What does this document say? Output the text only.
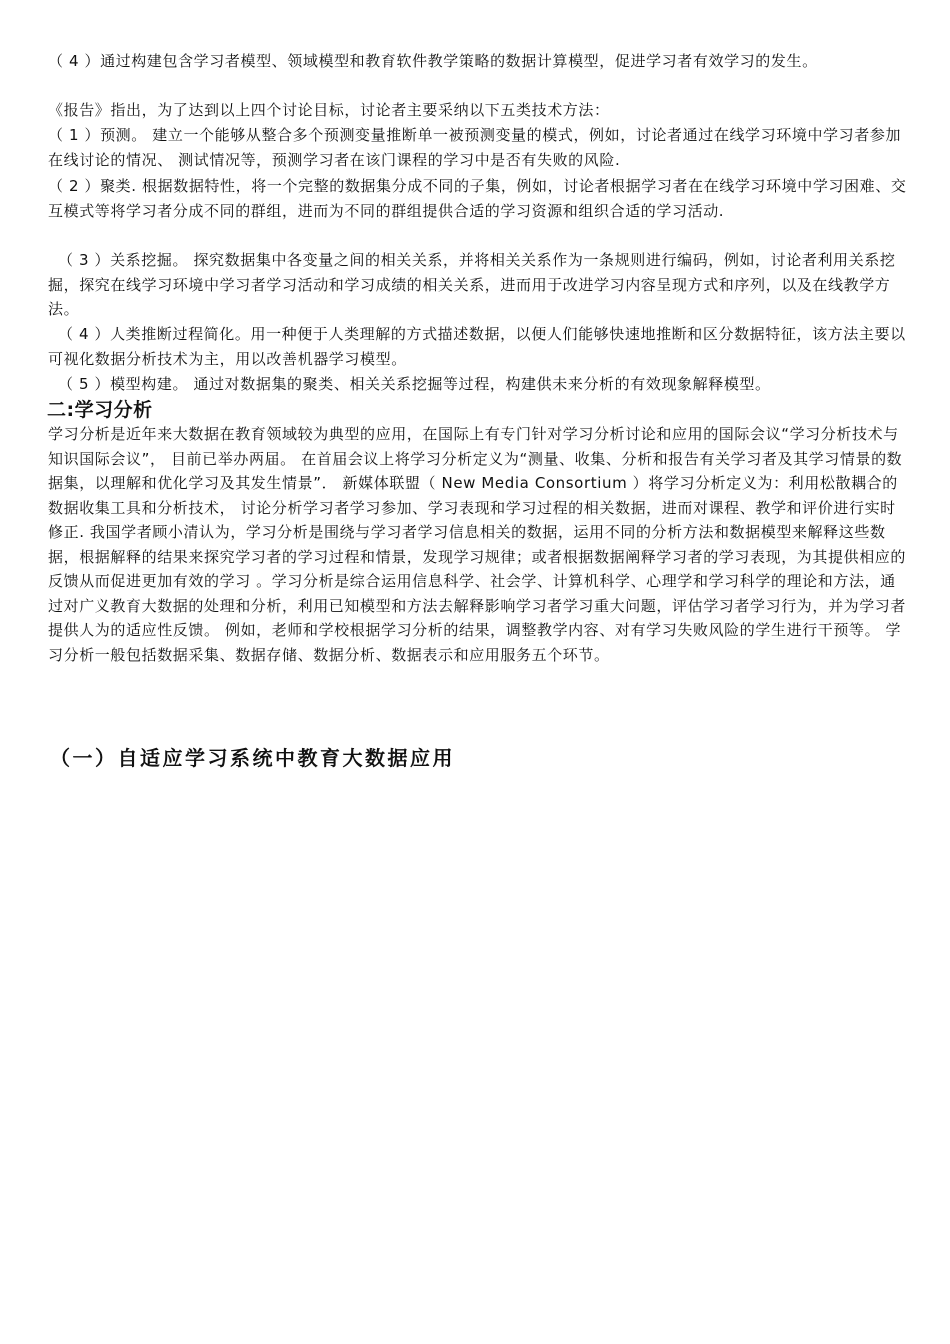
（ 4 ）通过构建包含学习者模型、领域模型和教育软件教学策略的数据计算模型，促进学习者有效学习的发生。

《报告》指出，为了达到以上四个讨论目标，讨论者主要采纳以下五类技术方法：

（ 1 ）预测。 建立一个能够从整合多个预测变量推断单一被预测变量的模式，例如，讨论者通过在线学习环境中学习者参加在线讨论的情况、 测试情况等，预测学习者在该门课程的学习中是否有失败的风险.

（ 2 ）聚类. 根据数据特性，将一个完整的数据集分成不同的子集，例如，讨论者根据学习者在在线学习环境中学习困难、交互模式等将学习者分成不同的群组，进而为不同的群组提供合适的学习资源和组织合适的学习活动.

（ 3 ）关系挖掘。 探究数据集中各变量之间的相关关系，并将相关关系作为一条规则进行编码，例如，讨论者利用关系挖掘，探究在线学习环境中学习者学习活动和学习成绩的相关关系，进而用于改进学习内容呈现方式和序列，以及在线教学方法。

（ 4 ）人类推断过程简化。用一种便于人类理解的方式描述数据，以便人们能够快速地推断和区分数据特征，该方法主要以可视化数据分析技术为主，用以改善机器学习模型。

（ 5 ）模型构建。 通过对数据集的聚类、相关关系挖掘等过程，构建供未来分析的有效现象解释模型。

二:学习分析

学习分析是近年来大数据在教育领域较为典型的应用，在国际上有专门针对学习分析讨论和应用的国际会议“学习分析技术与知识国际会议”， 目前已举办两届。 在首届会议上将学习分析定义为“测量、收集、分析和报告有关学习者及其学习情景的数据集，以理解和优化学习及其发生情景”． 新媒体联盟（ New Media Consortium ）将学习分析定义为：利用松散耦合的数据收集工具和分析技术， 讨论分析学习者学习参加、学习表现和学习过程的相关数据，进而对课程、教学和评价进行实时修正. 我国学者顾小清认为，学习分析是围绕与学习者学习信息相关的数据，运用不同的分析方法和数据模型来解释这些数据，根据解释的结果来探究学习者的学习过程和情景，发现学习规律；或者根据数据阐释学习者的学习表现，为其提供相应的反馈从而促进更加有效的学习 。学习分析是综合运用信息科学、社会学、计算机科学、心理学和学习科学的理论和方法，通过对广义教育大数据的处理和分析，利用已知模型和方法去解释影响学习者学习重大问题，评估学习者学习行为，并为学习者提供人为的适应性反馈。 例如，老师和学校根据学习分析的结果，调整教学内容、对有学习失败风险的学生进行干预等。 学习分析一般包括数据采集、数据存储、数据分析、数据表示和应用服务五个环节。

（一）自适应学习系统中教育大数据应用
